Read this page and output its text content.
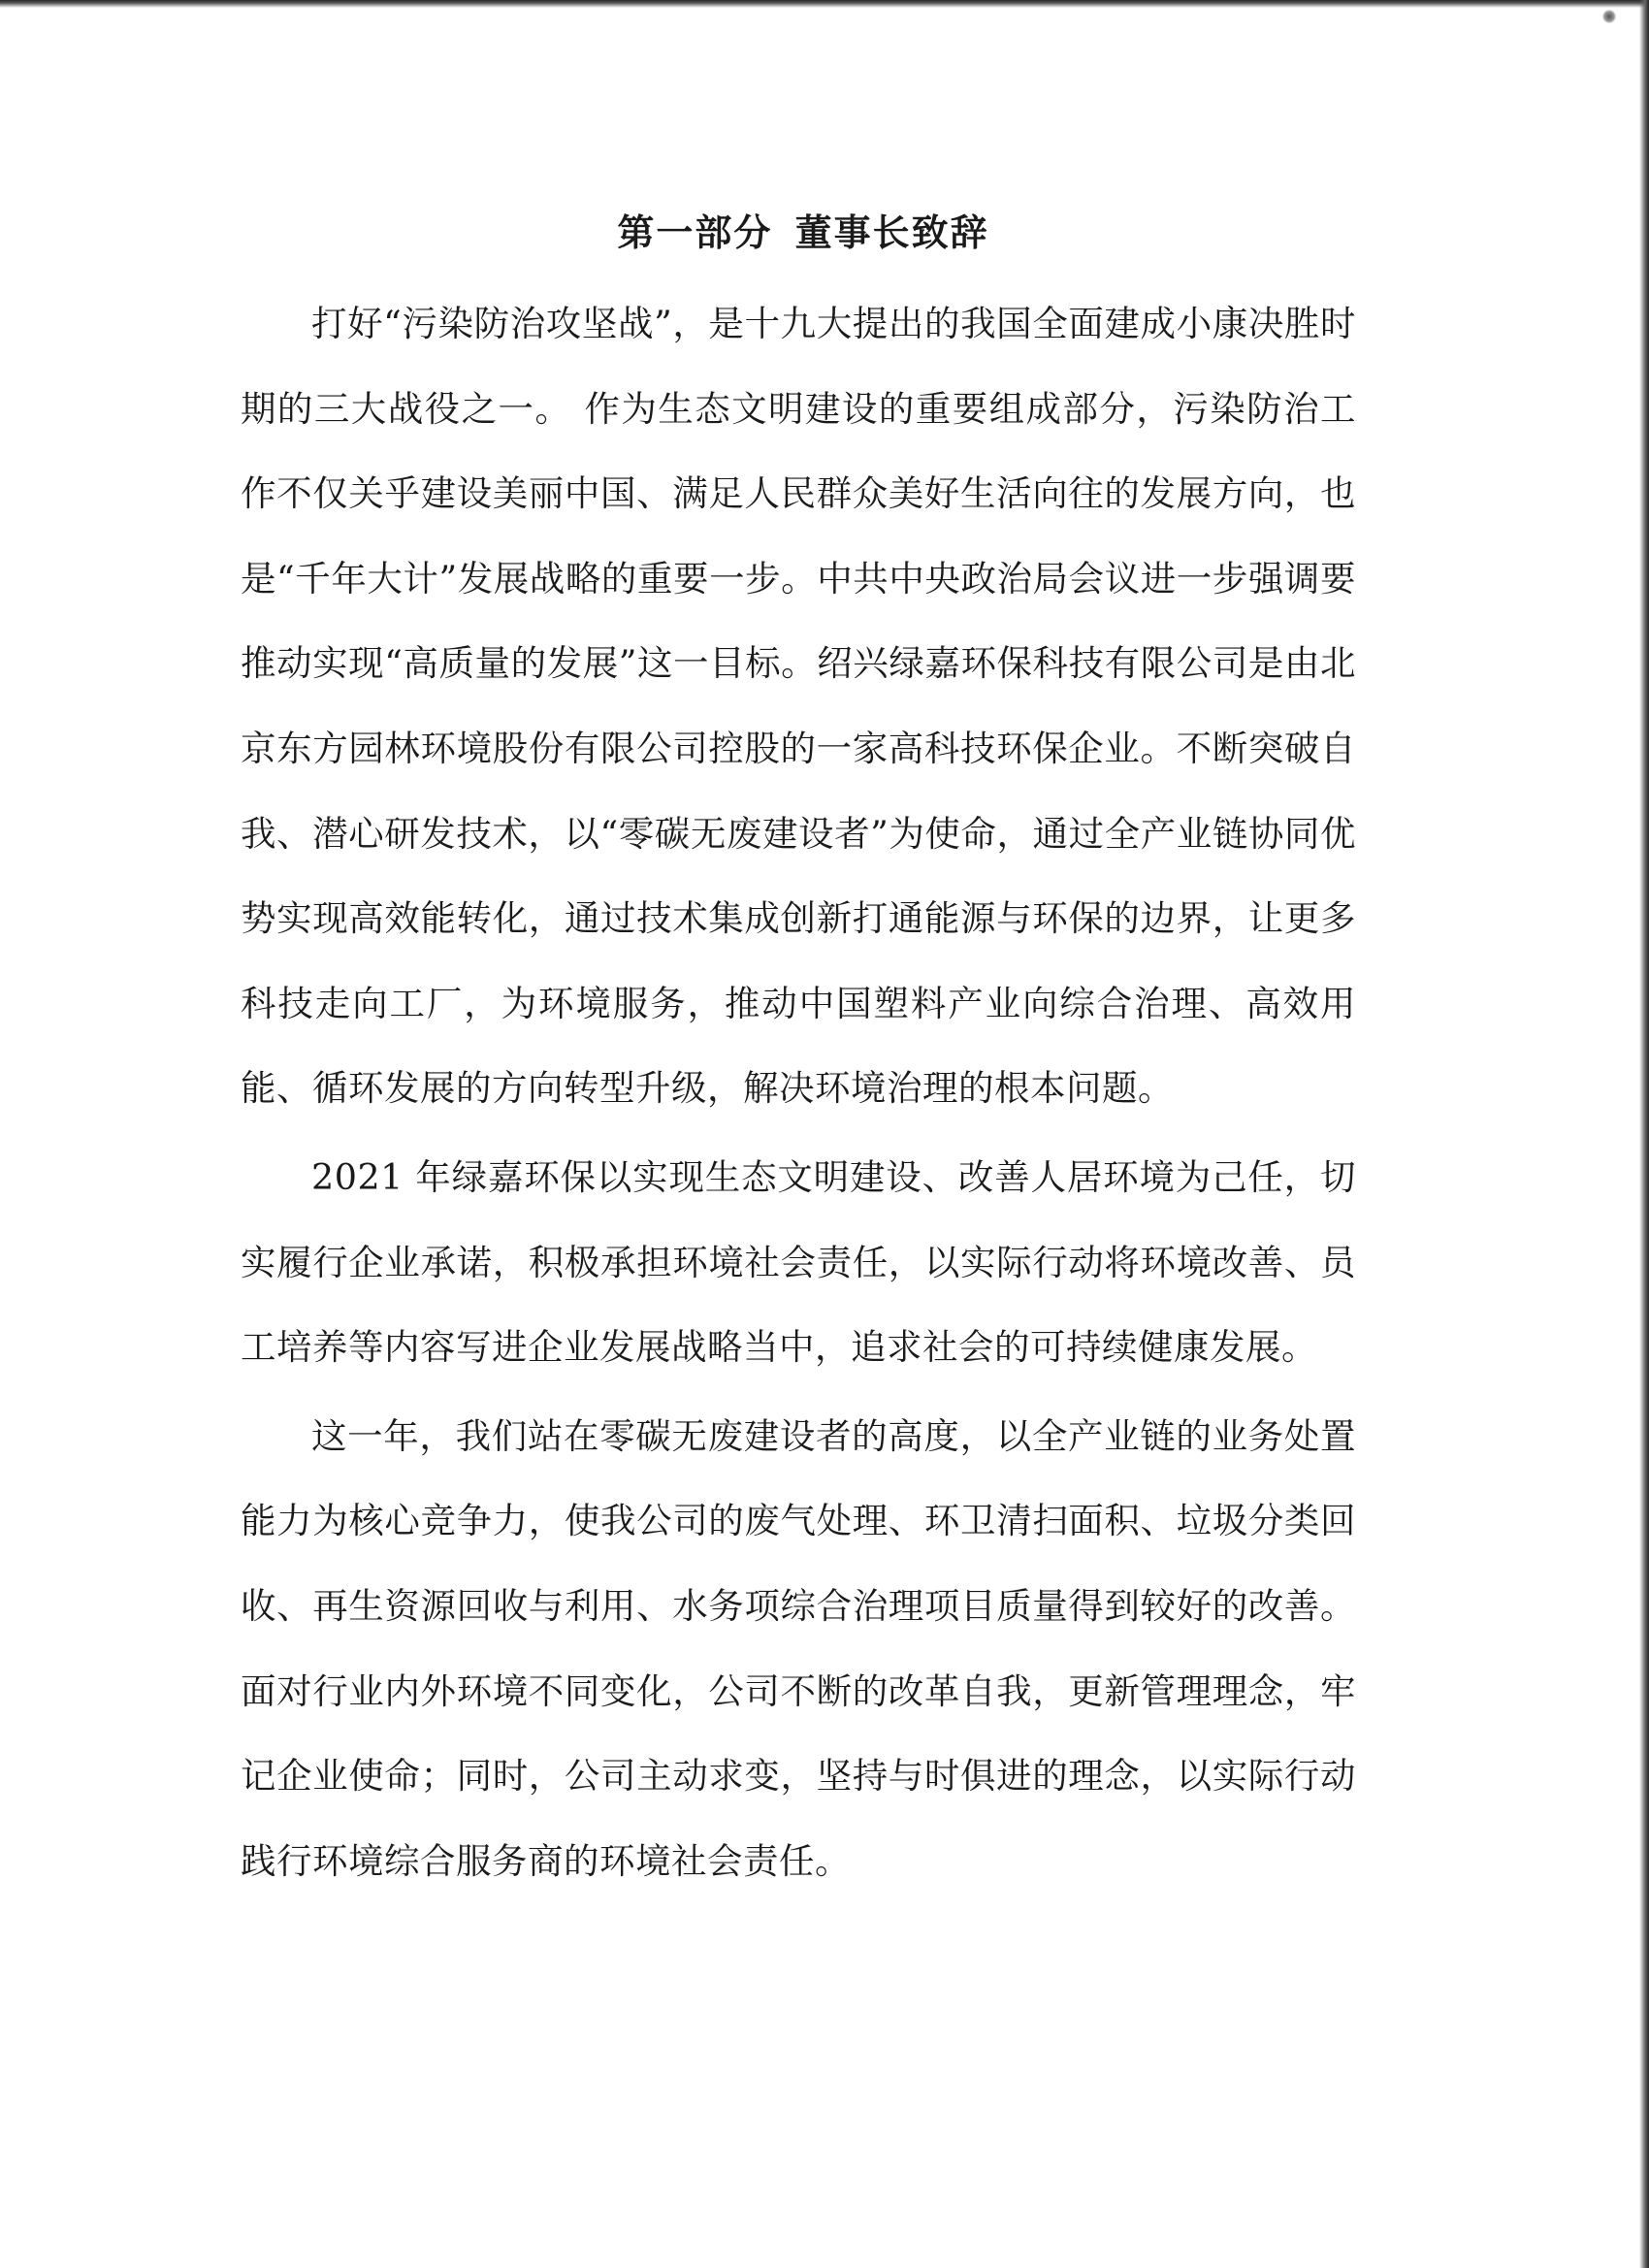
第一部分 董事长致辞

打好“污染防治攻坚战”，是十九大提出的我国全面建成小康决胜时期的三大战役之一。 作为生态文明建设的重要组成部分，污染防治工作不仅关乎建设美丽中国、满足人民群众美好生活向往的发展方向，也是“千年大计”发展战略的重要一步。中共中央政治局会议进一步强调要推动实现“高质量的发展”这一目标。绍兴绿嘉环保科技有限公司是由北京东方园林环境股份有限公司控股的一家高科技环保企业。不断突破自我、潜心研发技术，以“零碳无废建设者”为使命，通过全产业链协同优势实现高效能转化，通过技术集成创新打通能源与环保的边界，让更多科技走向工厂，为环境服务，推动中国塑料产业向综合治理、高效用能、循环发展的方向转型升级，解决环境治理的根本问题。

2021 年绿嘉环保以实现生态文明建设、改善人居环境为己任，切实履行企业承诺，积极承担环境社会责任，以实际行动将环境改善、员工培养等内容写进企业发展战略当中，追求社会的可持续健康发展。

这一年，我们站在零碳无废建设者的高度，以全产业链的业务处置能力为核心竞争力，使我公司的废气处理、环卫清扫面积、垃圾分类回收、再生资源回收与利用、水务项综合治理项目质量得到较好的改善。面对行业内外环境不同变化，公司不断的改革自我，更新管理理念，牢记企业使命；同时，公司主动求变，坚持与时俱进的理念，以实际行动践行环境综合服务商的环境社会责任。
